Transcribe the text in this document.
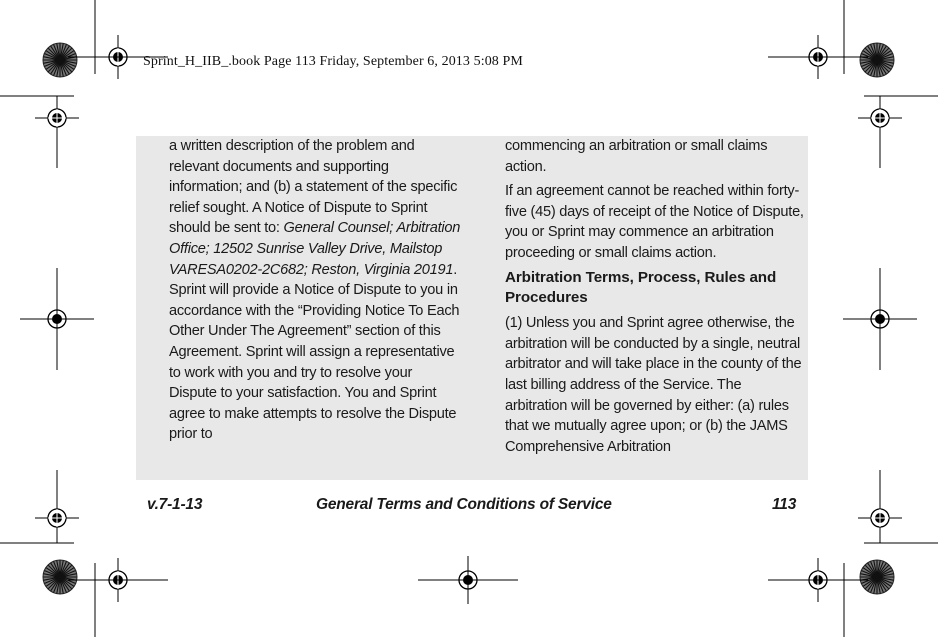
Sprint_H_IIB_.book Page 113 Friday, September 6, 2013 5:08 PM

a written description of the problem and relevant documents and supporting information; and (b) a statement of the specific relief sought. A Notice of Dispute to Sprint should be sent to: General Counsel; Arbitration Office; 12502 Sunrise Valley Drive, Mailstop VARESA0202-2C682; Reston, Virginia 20191. Sprint will provide a Notice of Dispute to you in accordance with the “Providing Notice To Each Other Under The Agreement” section of this Agreement. Sprint will assign a representative to work with you and try to resolve your Dispute to your satisfaction. You and Sprint agree to make attempts to resolve the Dispute prior to

commencing an arbitration or small claims action.

If an agreement cannot be reached within forty-five (45) days of receipt of the Notice of Dispute, you or Sprint may commence an arbitration proceeding or small claims action.

Arbitration Terms, Process, Rules and Procedures

(1) Unless you and Sprint agree otherwise, the arbitration will be conducted by a single, neutral arbitrator and will take place in the county of the last billing address of the Service. The arbitration will be governed by either: (a) rules that we mutually agree upon; or (b) the JAMS Comprehensive Arbitration

v.7-1-13	General Terms and Conditions of Service	113
